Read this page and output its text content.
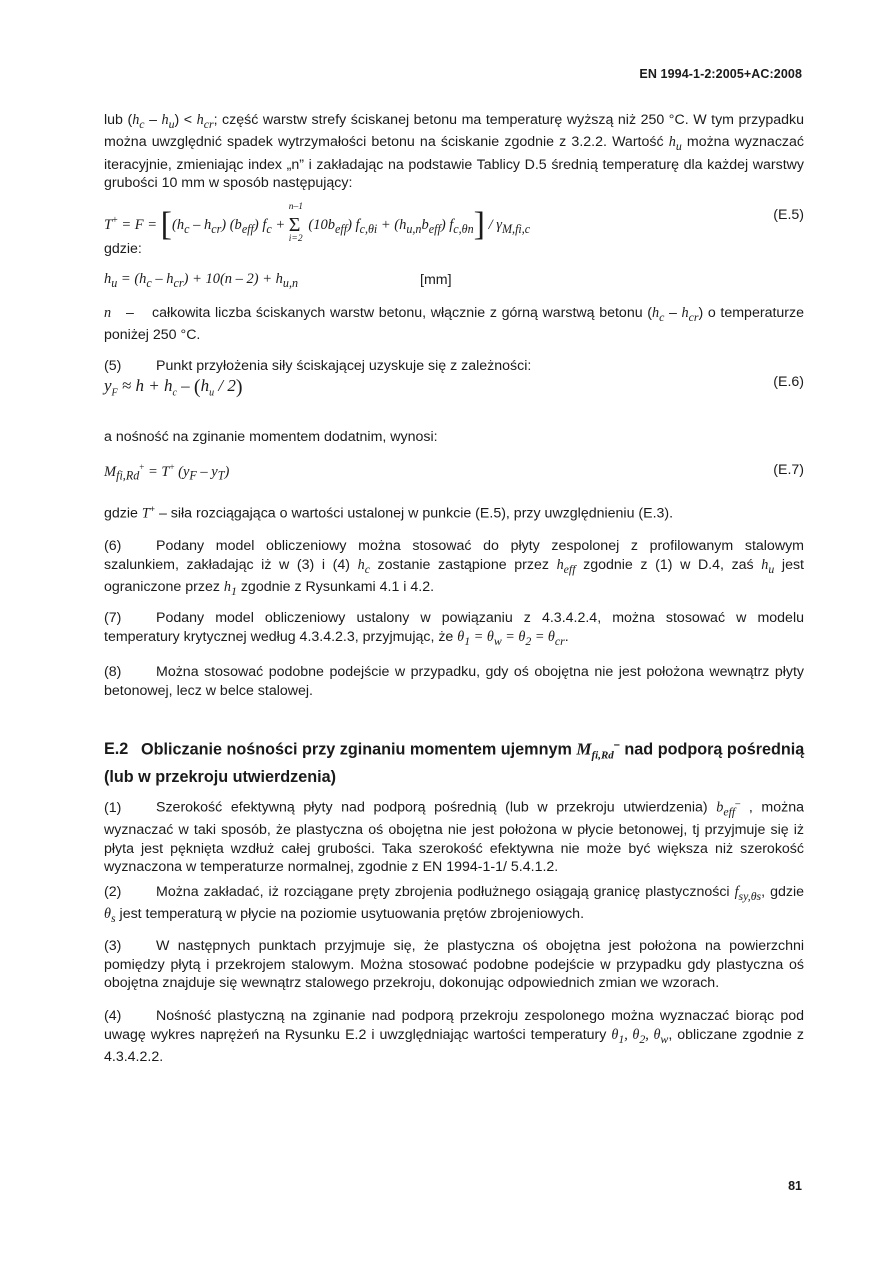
EN 1994-1-2:2005+AC:2008
lub $(h_c - h_u) < h_{cr}$; część warstw strefy ściskanej betonu ma temperaturę wyższą niż 250 °C. W tym przypadku można uwzględnić spadek wytrzymałości betonu na ściskanie zgodnie z 3.2.2. Wartość $h_u$ można wyznaczać iteracyjnie, zmieniając index „n” i zakładając na podstawie Tablicy D.5 średnią temperaturę dla każdej warstwy grubości 10 mm w sposób następujący:
$T^+ = F = [(h_c - h_{cr})$ $(b_{eff}) f_c$ +
n–1
Σ
i=2
$(10b_{eff}) f_{c,\theta i} + (h_{u,n}b_{eff})$ $f_{c,\theta n}] / \gamma_{M,fi,c}$
(E.5)
gdzie:
$h_u = (h_c - h_{cr}) + 10(n - 2) + h_{u,n}$	[mm]
n – całkowita liczba ściskanych warstw betonu, włącznie z górną warstwą betonu $(h_c - h_{cr})$ o temperaturze poniżej 250 °C.
(5) Punkt przyłożenia siły ściskającej uzyskuje się z zależności:
$y_F \approx h + h_c - (h_u / 2)$	(E.6)
a nośność na zginanie momentem dodatnim, wynosi:
$M_{fi,Rd}^+ = T^+$ $(y_F - y_T)$	(E.7)
gdzie T+ – siła rozciągająca o wartości ustalonej w punkcie (E.5), przy uwzględnieniu (E.3).
(6) Podany model obliczeniowy można stosować do płyty zespolonej z profilowanym stalowym szalunkiem, zakładając iż w (3) i (4) $h_c$ zostanie zastąpione przez $h_{eff}$ zgodnie z (1) w D.4, zaś $h_u$ jest ograniczone przez $h_1$ zgodnie z Rysunkami 4.1 i 4.2.
(7) Podany model obliczeniowy ustalony w powiązaniu z 4.3.4.2.4, można stosować w modelu temperatury krytycznej według 4.3.4.2.3, przyjmując, że $\theta_1 = \theta_w = \theta_2 = \theta_{cr}$.
(8) Można stosować podobne podejście w przypadku, gdy oś obojętna nie jest położona wewnątrz płyty betonowej, lecz w belce stalowej.
E.2 Obliczanie nośności przy zginaniu momentem ujemnym $M_{fi,Rd}^-$ nad podporą pośrednią (lub w przekroju utwierdzenia)
(1) Szerokość efektywną płyty nad podporą pośrednią (lub w przekroju utwierdzenia) $b_{eff}^-$ , można wyznaczać w taki sposób, że plastyczna oś obojętna nie jest położona w płycie betonowej, tj przyjmuje się iż płyta jest pęknięta wzdłuż całej grubości. Taka szerokość efektywna nie może być większa niż szerokość wyznaczona w temperaturze normalnej, zgodnie z EN 1994-1-1/ 5.4.1.2.
(2) Można zakładać, iż rozciągane pręty zbrojenia podłużnego osiągają granicę plastyczności $f_{sy,\theta s}$, gdzie $\theta_s$ jest temperaturą w płycie na poziomie usytuowania prętów zbrojeniowych.
(3) W następnych punktach przyjmuje się, że plastyczna oś obojętna jest położona na powierzchni pomiędzy płytą i przekrojem stalowym. Można stosować podobne podejście w przypadku gdy plastyczna oś obojętna znajduje się wewnątrz stalowego przekroju, dokonując odpowiednich zmian we wzorach.
(4) Nośność plastyczną na zginanie nad podporą przekroju zespolonego można wyznaczać biorąc pod uwagę wykres naprężeń na Rysunku E.2 i uwzględniając wartości temperatury $\theta_1$, $\theta_2$, $\theta_w$, obliczane zgodnie z 4.3.4.2.2.
81
